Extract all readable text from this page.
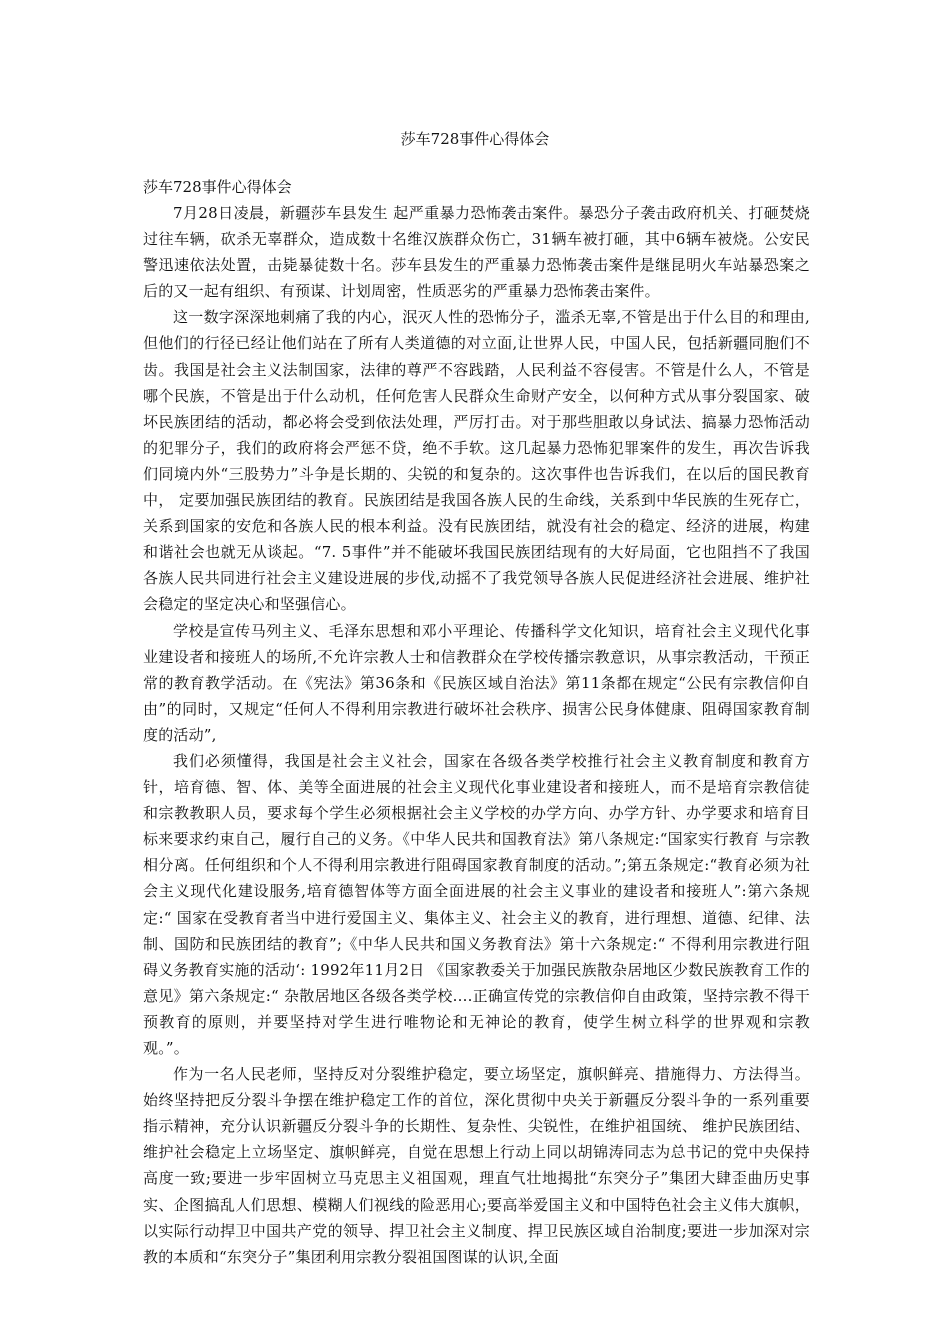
莎车728事件心得体会

莎车728事件心得体会

7月28日凌晨，新疆莎车县发生 起严重暴力恐怖袭击案件。暴恐分子袭击政府机关、打砸焚烧过往车辆，砍杀无辜群众，造成数十名维汉族群众伤亡，31辆车被打砸，其中6辆车被烧。公安民警迅速依法处置，击毙暴徒数十名。莎车县发生的严重暴力恐怖袭击案件是继昆明火车站暴恐案之后的又一起有组织、有预谋、计划周密，性质恶劣的严重暴力恐怖袭击案件。

这一数字深深地刺痛了我的内心，泯灭人性的恐怖分子，滥杀无辜,不管是出于什么目的和理由,但他们的行径已经让他们站在了所有人类道德的对立面,让世界人民，中国人民，包括新疆同胞们不齿。我国是社会主义法制国家，法律的尊严不容践踏，人民利益不容侵害。不管是什么人，不管是哪个民族，不管是出于什么动机，任何危害人民群众生命财产安全，以何种方式从事分裂国家、破坏民族团结的活动，都必将会受到依法处理，严厉打击。对于那些胆敢以身试法、搞暴力恐怖活动的犯罪分子，我们的政府将会严惩不贷，绝不手软。这几起暴力恐怖犯罪案件的发生，再次告诉我们同境内外“三股势力”斗争是长期的、尖锐的和复杂的。这次事件也告诉我们，在以后的国民教育中， 定要加强民族团结的教育。民族团结是我国各族人民的生命线，关系到中华民族的生死存亡，关系到国家的安危和各族人民的根本利益。没有民族团结，就没有社会的稳定、经济的进展，构建和谐社会也就无从谈起。“7. 5事件”并不能破坏我国民族团结现有的大好局面，它也阻挡不了我国各族人民共同进行社会主义建设进展的步伐,动摇不了我党领导各族人民促进经济社会进展、维护社会稳定的坚定决心和坚强信心。

学校是宣传马列主义、毛泽东思想和邓小平理论、传播科学文化知识，培育社会主义现代化事业建设者和接班人的场所,不允许宗教人士和信教群众在学校传播宗教意识，从事宗教活动，干预正常的教育教学活动。在《宪法》第36条和《民族区域自治法》第11条都在规定“公民有宗教信仰自由”的同时，又规定“任何人不得利用宗教进行破坏社会秩序、损害公民身体健康、阻碍国家教育制度的活动”,

我们必须懂得，我国是社会主义社会，国家在各级各类学校推行社会主义教育制度和教育方针，培育德、智、体、美等全面进展的社会主义现代化事业建设者和接班人，而不是培育宗教信徒和宗教教职人员，要求每个学生必须根据社会主义学校的办学方向、办学方针、办学要求和培育目标来要求约束自己，履行自己的义务。《中华人民共和国教育法》第八条规定:“国家实行教育 与宗教相分离。任何组织和个人不得利用宗教进行阻碍国家教育制度的活动。”;第五条规定:“教育必须为社会主义现代化建设服务,培育德智体等方面全面进展的社会主义事业的建设者和接班人”:第六条规定:“ 国家在受教育者当中进行爱国主义、集体主义、社会主义的教育，进行理想、道德、纪律、法制、国防和民族团结的教育”;《中华人民共和国义务教育法》第十六条规定:“ 不得利用宗教进行阻碍义务教育实施的活动‘: 1992年11月2日 《国家教委关于加强民族散杂居地区少数民族教育工作的意见》第六条规定:“ 杂散居地区各级各类学校....正确宣传党的宗教信仰自由政策，坚持宗教不得干预教育的原则，并要坚持对学生进行唯物论和无神论的教育，使学生树立科学的世界观和宗教观。”。

作为一名人民老师，坚持反对分裂维护稳定，要立场坚定，旗帜鲜亮、措施得力、方法得当。始终坚持把反分裂斗争摆在维护稳定工作的首位，深化贯彻中央关于新疆反分裂斗争的一系列重要指示精神，充分认识新疆反分裂斗争的长期性、复杂性、尖锐性，在维护祖国统、 维护民族团结、维护社会稳定上立场坚定、旗帜鲜亮，自觉在思想上行动上同以胡锦涛同志为总书记的党中央保持高度一致;要进一步牢固树立马克思主义祖国观，理直气壮地揭批“东突分子”集团大肆歪曲历史事实、企图搞乱人们思想、模糊人们视线的险恶用心;要高举爱国主义和中国特色社会主义伟大旗帜，以实际行动捍卫中国共产党的领导、捍卫社会主义制度、捍卫民族区域自治制度;要进一步加深对宗教的本质和“东突分子”集团利用宗教分裂祖国图谋的认识,全面
